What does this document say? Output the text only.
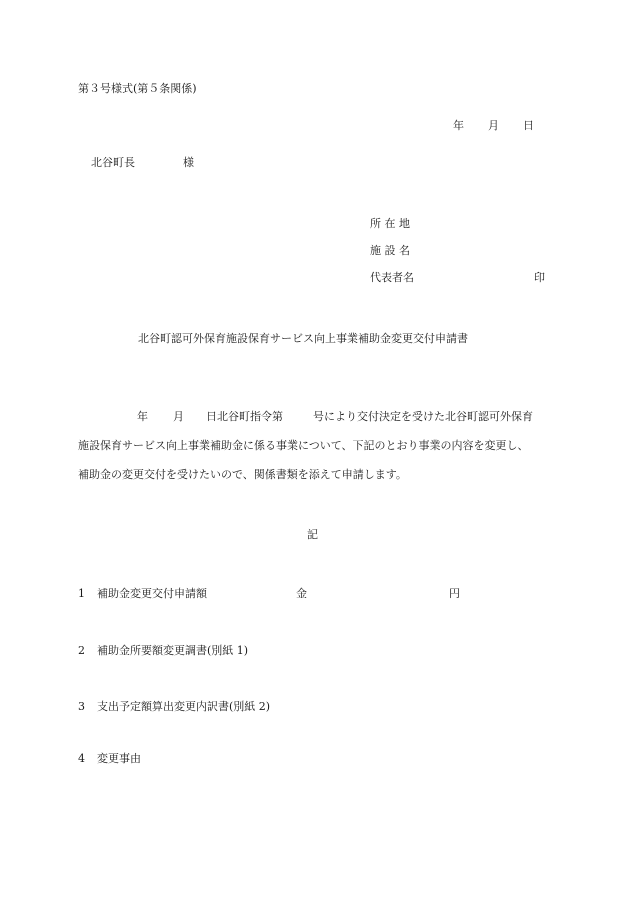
第３号様式(第５条関係)
年 月 日
北谷町長	様
所 在 地
施 設 名
代表者名	印
北谷町認可外保育施設保育サービス向上事業補助金変更交付申請書
年 月 日北谷町指令第	号により交付決定を受けた北谷町認可外保育
施設保育サービス向上事業補助金に係る事業について、下記のとおり事業の内容を変更し、
補助金の変更交付を受けたいので、関係書類を添えて申請します。
記
1 補助金変更交付申請額	金	円
2 補助金所要額変更調書(別紙 1)
3 支出予定額算出変更内訳書(別紙 2)
4 変更事由
